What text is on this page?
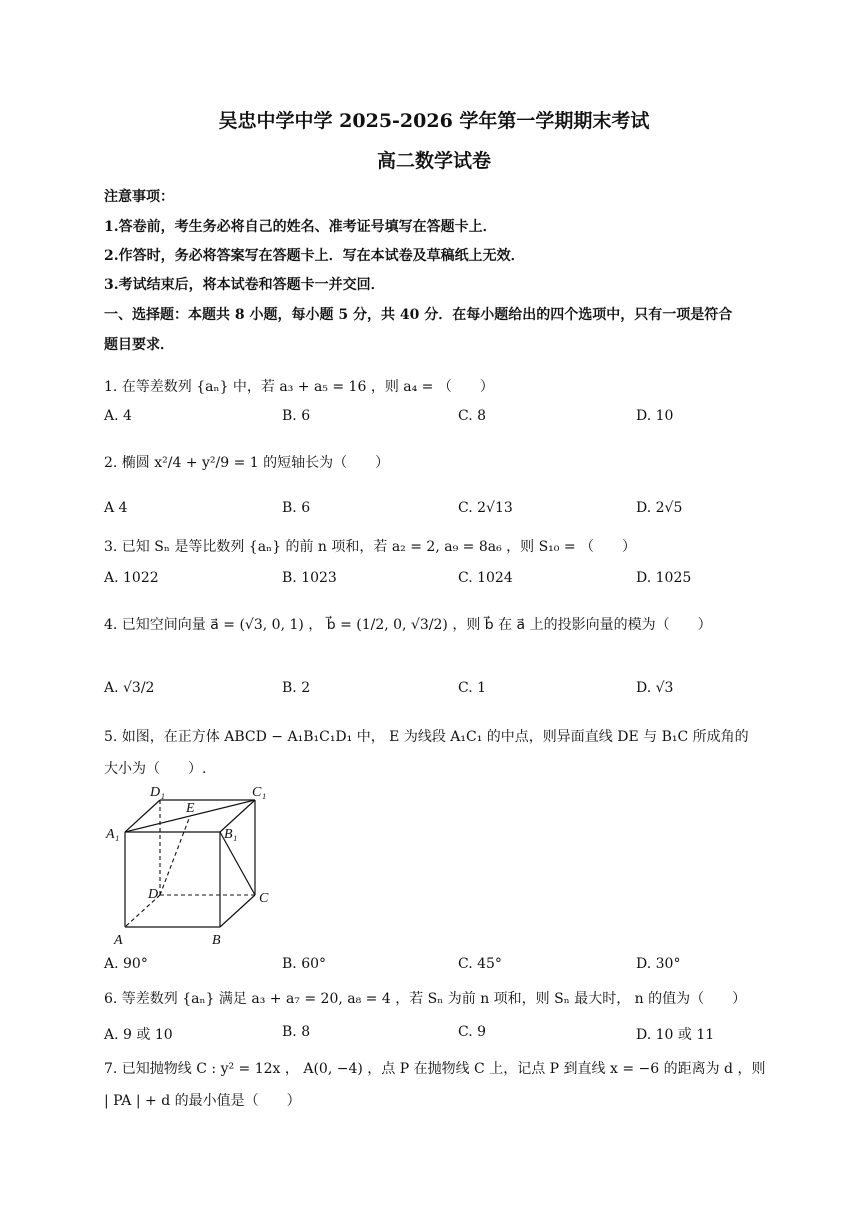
吴忠中学中学 2025-2026 学年第一学期期末考试
高二数学试卷
注意事项：
1.答卷前，考生务必将自己的姓名、准考证号填写在答题卡上．
2.作答时，务必将答案写在答题卡上．写在本试卷及草稿纸上无效．
3.考试结束后，将本试卷和答题卡一并交回．
一、选择题：本题共 8 小题，每小题 5 分，共 40 分．在每小题给出的四个选项中，只有一项是符合
题目要求．
1. 在等差数列 {aₙ} 中，若 a₃ + a₅ = 16 ，则 a₄ = （　　）
A. 4	B. 6	C. 8	D. 10
2. 椭圆 x²/4 + y²/9 = 1 的短轴长为（　　）
A 4	B. 6	C. 2√13	D. 2√5
3. 已知 Sₙ 是等比数列 {aₙ} 的前 n 项和，若 a₂ = 2, a₉ = 8a₆ ，则 S₁₀ = （　　）
A. 1022	B. 1023	C. 1024	D. 1025
4. 已知空间向量 a⃗ = (√3, 0, 1) ， b⃗ = (1/2, 0, √3/2) ，则 b⃗ 在 a⃗ 上的投影向量的模为（　　）
A. √3/2	B. 2	C. 1	D. √3
5. 如图，在正方体 ABCD − A₁B₁C₁D₁ 中， E 为线段 A₁C₁ 的中点，则异面直线 DE 与 B₁C 所成角的
大小为（　　）.
D₁	C₁
E
A₁	B₁
D	C
A	B
A. 90°	B. 60°	C. 45°	D. 30°
6. 等差数列 {aₙ} 满足 a₃ + a₇ = 20, a₈ = 4 ，若 Sₙ 为前 n 项和，则 Sₙ 最大时， n 的值为（　　）
A. 9 或 10	B. 8	C. 9	D. 10 或 11
7. 已知抛物线 C : y² = 12x ， A(0, −4) ，点 P 在抛物线 C 上，记点 P 到直线 x = −6 的距离为 d ，则
| PA | + d 的最小值是（　　）
